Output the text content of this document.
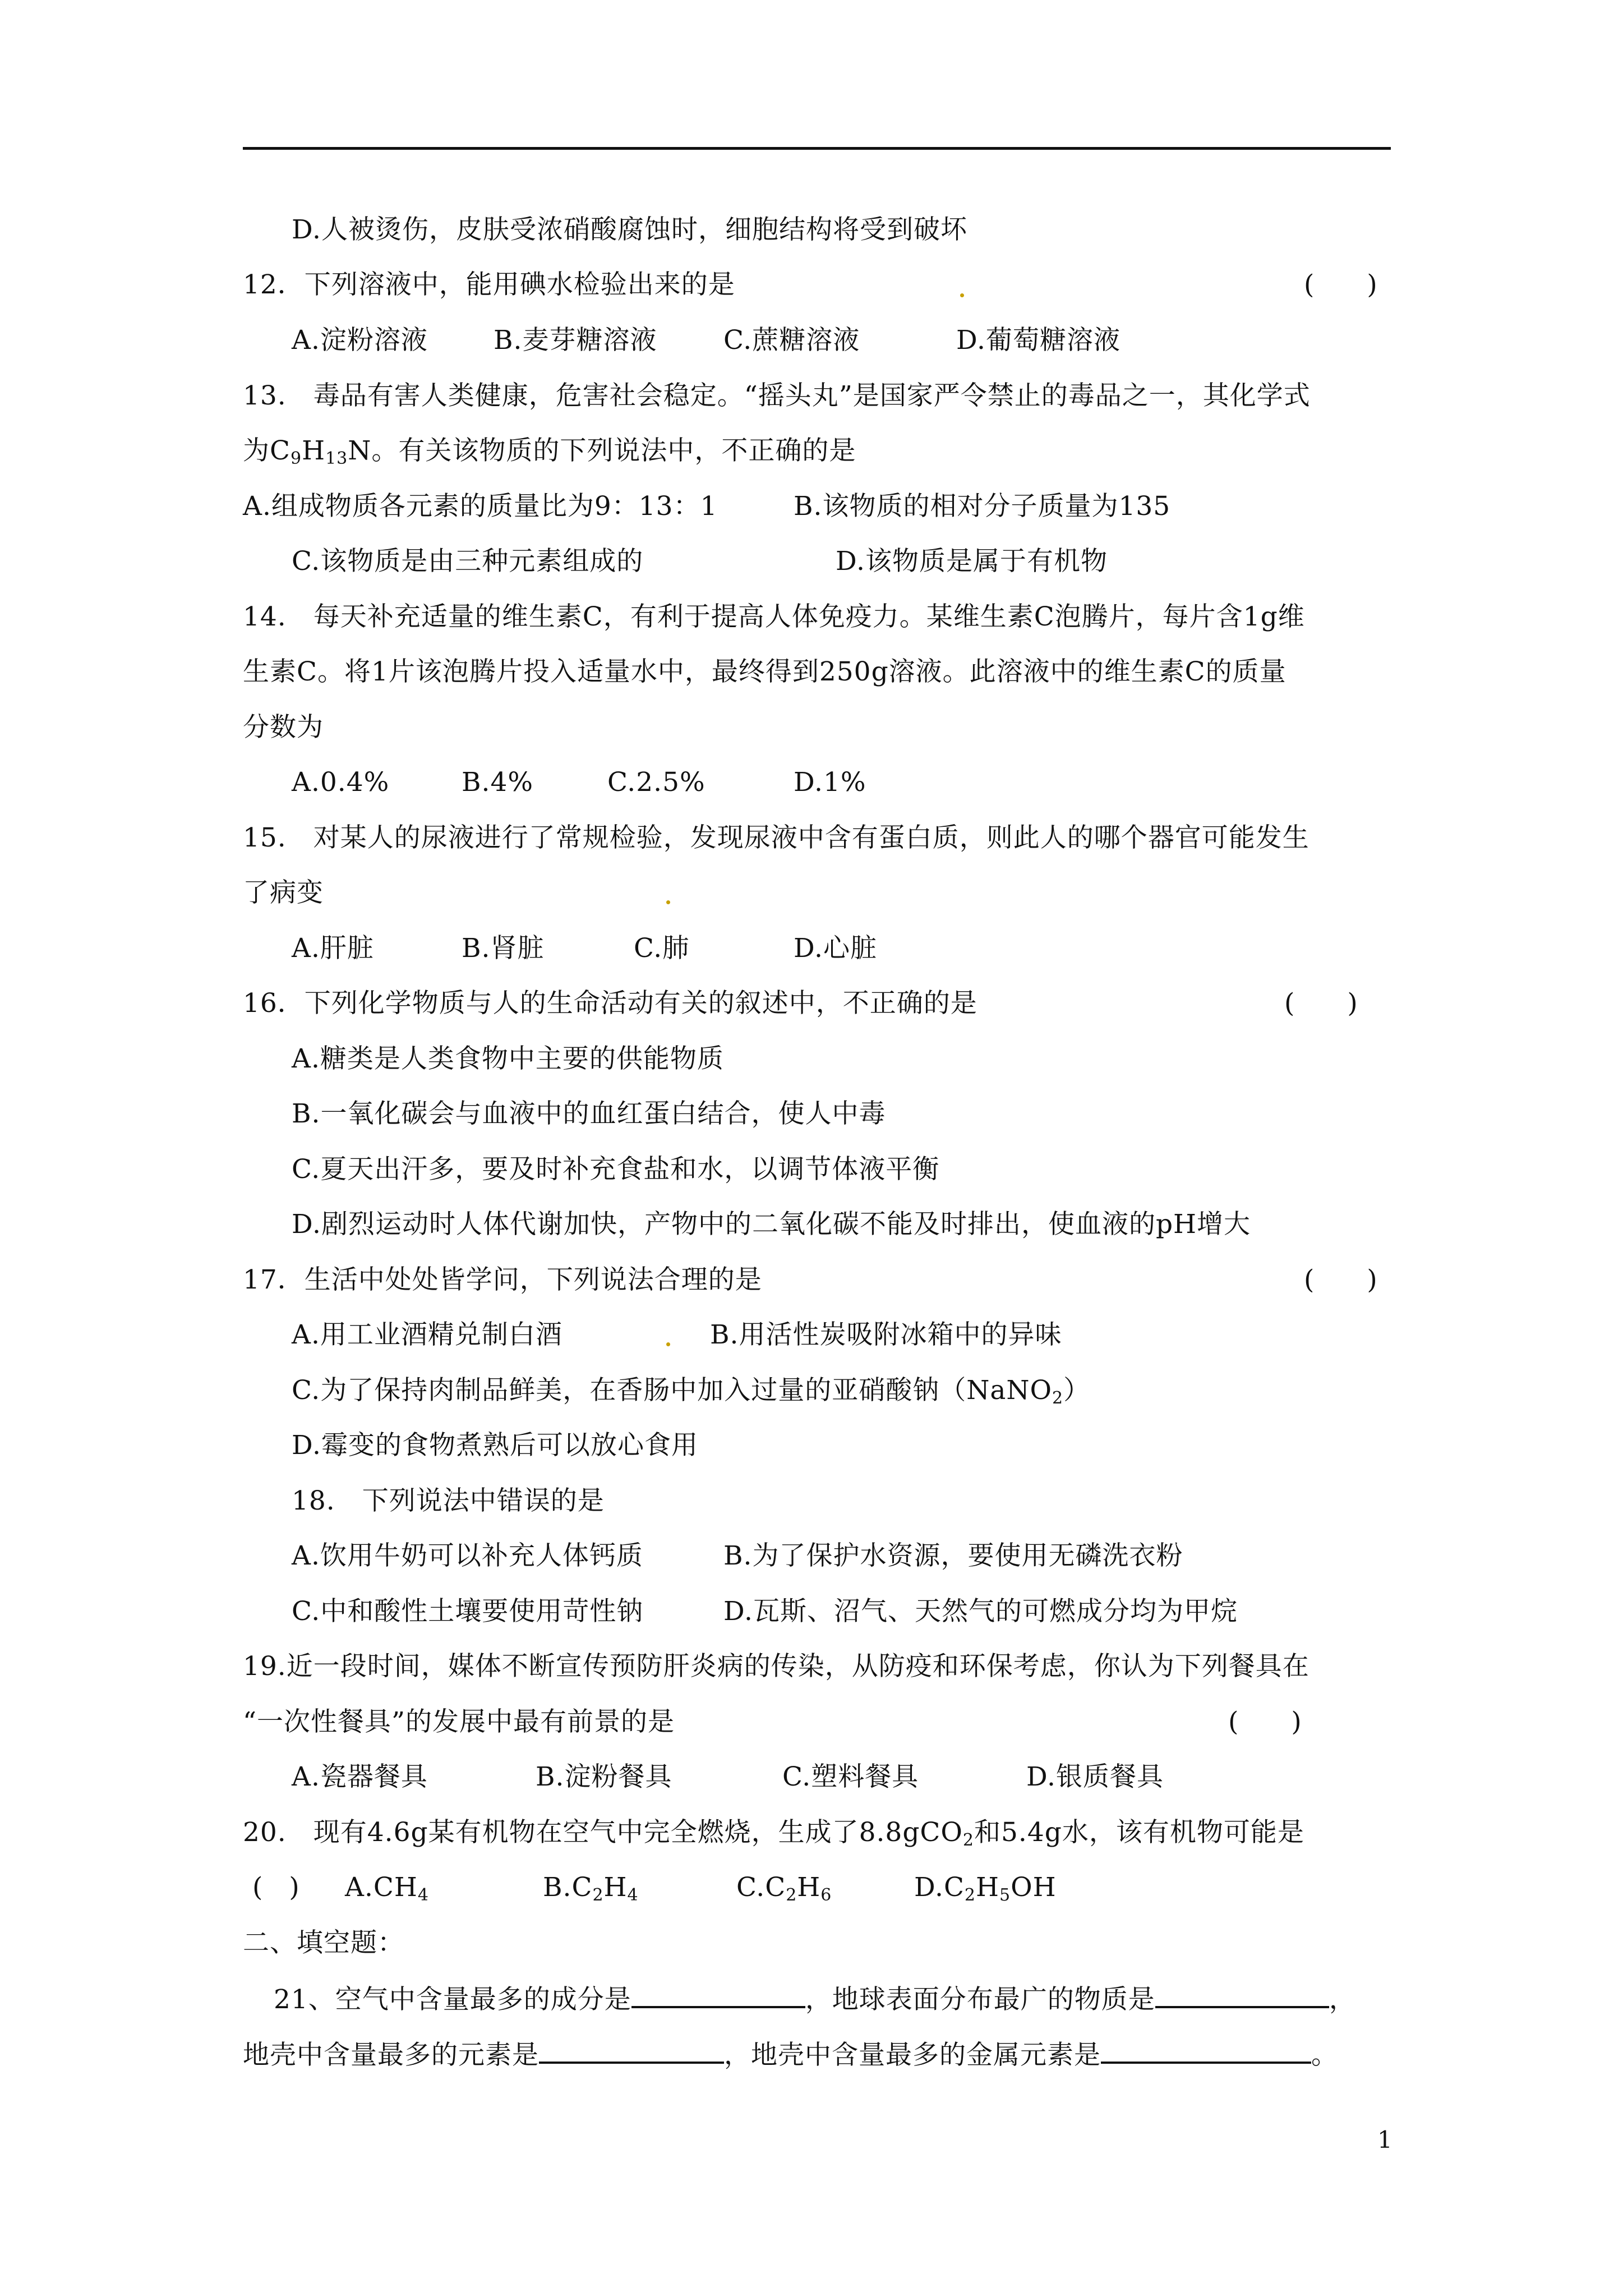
D.人被烫伤，皮肤受浓硝酸腐蚀时，细胞结构将受到破坏
12．下列溶液中，能用碘水检验出来的是	(　　)
A.淀粉溶液 B.麦芽糖溶液	C.蔗糖溶液	D.葡萄糖溶液
13.　毒品有害人类健康，危害社会稳定。“摇头丸”是国家严令禁止的毒品之一，其化学式
为$C_9H_{13}N$。有关该物质的下列说法中，不正确的是
A.组成物质各元素的质量比为9：13：1	B.该物质的相对分子质量为135
C.该物质是由三种元素组成的	D.该物质是属于有机物
14.　每天补充适量的维生素C，有利于提高人体免疫力。某维生素C泡腾片，每片含1g维
生素C。将1片该泡腾片投入适量水中，最终得到250g溶液。此溶液中的维生素C的质量
分数为
A.0.4%	B.4%	C.2.5%	D.1%
15.　对某人的尿液进行了常规检验，发现尿液中含有蛋白质，则此人的哪个器官可能发生
了病变
A.肝脏	B.肾脏	C.肺	D.心脏
16．下列化学物质与人的生命活动有关的叙述中，不正确的是	(　　)
A.糖类是人类食物中主要的供能物质
B.一氧化碳会与血液中的血红蛋白结合，使人中毒
C.夏天出汗多，要及时补充食盐和水，以调节体液平衡
D.剧烈运动时人体代谢加快，产物中的二氧化碳不能及时排出，使血液的pH增大
17．生活中处处皆学问，下列说法合理的是	(　　)
A.用工业酒精兑制白酒	B.用活性炭吸附冰箱中的异味
C.为了保持肉制品鲜美，在香肠中加入过量的亚硝酸钠（NaNO$_2$）
D.霉变的食物煮熟后可以放心食用
18.　下列说法中错误的是
A.饮用牛奶可以补充人体钙质	B.为了保护水资源，要使用无磷洗衣粉
C.中和酸性土壤要使用苛性钠	D.瓦斯、沼气、天然气的可燃成分均为甲烷
19.近一段时间，媒体不断宣传预防肝炎病的传染，从防疫和环保考虑，你认为下列餐具在
“一次性餐具”的发展中最有前景的是	(　　)
A.瓷器餐具	B.淀粉餐具	C.塑料餐具	D.银质餐具
20.　现有4.6g某有机物在空气中完全燃烧，生成了8.8gCO$_2$和5.4g水，该有机物可能是
(　) $A.CH_4$	$B.C_2H_4$	$C.C_2H_6$	$D.C_2H_5OH$
二、填空题：
21、空气中含量最多的成分是	，地球表面分布最广的物质是	，
地壳中含量最多的元素是	，地壳中含量最多的金属元素是	。
1
